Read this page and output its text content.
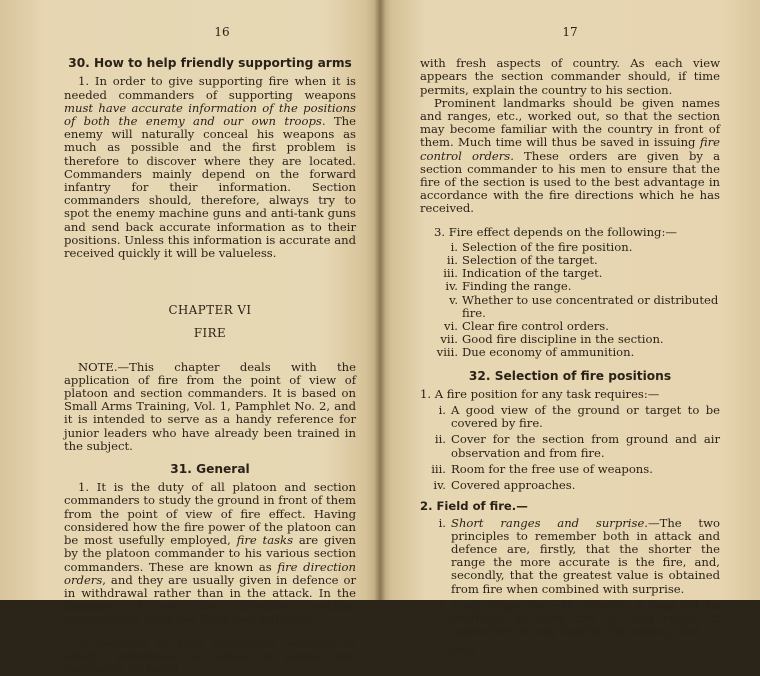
16
30. How to help friendly supporting arms

1. In order to give supporting fire when it is needed commanders of supporting weapons must have accurate information of the positions of both the enemy and our own troops. The enemy will naturally conceal his weapons as much as possible and the first problem is therefore to discover where they are located. Commanders mainly depend on the forward infantry for their information. Section commanders should, therefore, always try to spot the enemy machine guns and anti-tank guns and send back accurate information as to their positions. Unless this information is accurate and received quickly it will be valueless.

CHAPTER VI
FIRE

NOTE.—This chapter deals with the application of fire from the point of view of platoon and section commanders. It is based on Small Arms Training, Vol. 1, Pamphlet No. 2, and it is intended to serve as a handy reference for junior leaders who have already been trained in the subject.

31. General

1. It is the duty of all platoon and section commanders to study the ground in front of them from the point of view of fire effect. Having considered how the fire power of the platoon can be most usefully employed, fire tasks are given by the platoon commander to his various section commanders. These are known as fire direction orders, and they are usually given in defence or in withdrawal rather than in the attack. In the absence of any fire direction, section commanders must use their own initiative.

2. Sections as they manœuvre, whether in attack, withdrawal or when on patrol, will constantly be faced

17

with fresh aspects of country. As each view appears the section commander should, if time permits, explain the country to his section.

Prominent landmarks should be given names and ranges, etc., worked out, so that the section may become familiar with the country in front of them. Much time will thus be saved in issuing fire control orders. These orders are given by a section commander to his men to ensure that the fire of the section is used to the best advantage in accordance with the fire directions which he has received.

3. Fire effect depends on the following:—

i. Selection of the fire position.
ii. Selection of the target.
iii. Indication of the target.
iv. Finding the range.
v. Whether to use concentrated or distributed fire.
vi. Clear fire control orders.
vii. Good fire discipline in the section.
viii. Due economy of ammunition.
32. Selection of fire positions

1. A fire position for any task requires:—

i. A good view of the ground or target to be covered by fire.
ii. Cover for the section from ground and air observation and from fire.
iii. Room for the free use of weapons.
iv. Covered approaches.

2. Field of fire.—

i. Short ranges and surprise.—The two principles to remember both in attack and defence are, firstly, that the shorter the range the more accurate is the fire, and, secondly, that the greatest value is obtained from fire when combined with surprise.
ii. Long range fire.—In defence, it may not be desirable to open fire at long range. If ineffective, it may hearten the enemy, and
2*— (1854)
